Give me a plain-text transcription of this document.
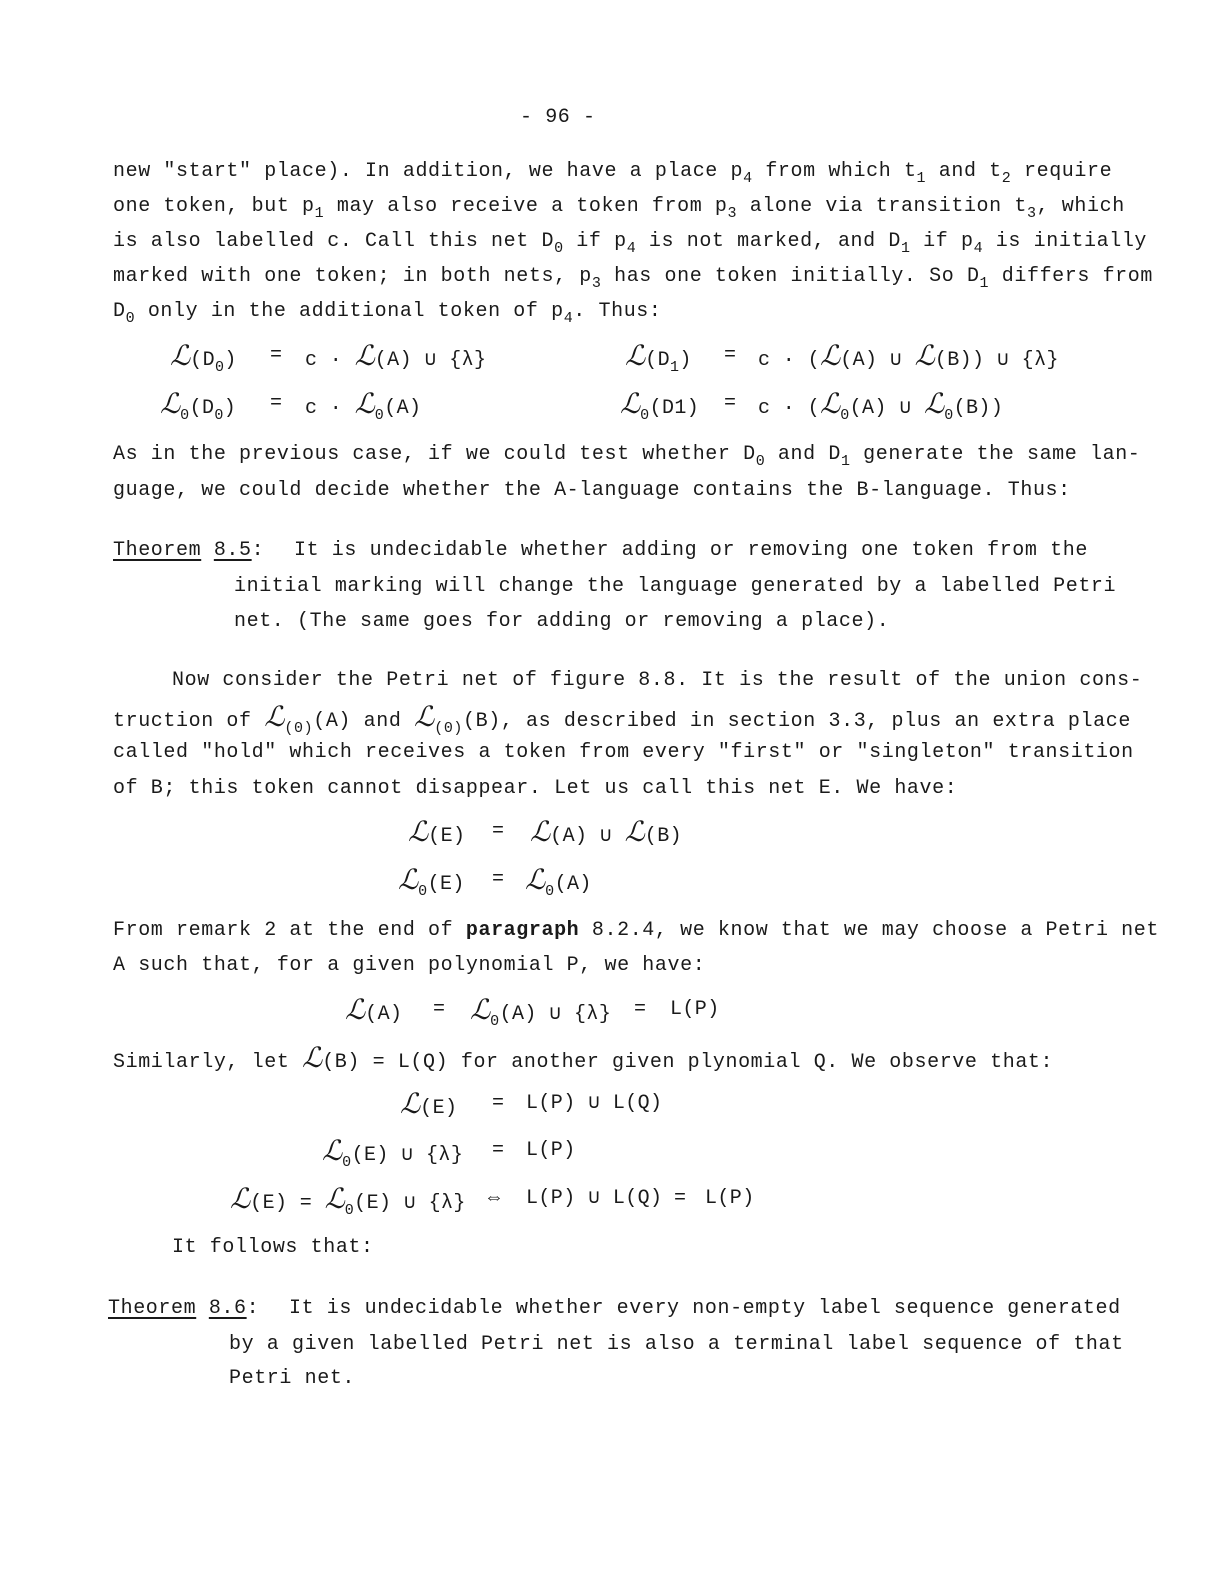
- 96 -
new "start" place). In addition, we have a place $p_4$ from which $t_1$ and $t_2$ require
one token, but $p_1$ may also receive a token from $p_3$ alone via transition $t_3$, which
is also labelled c. Call this net $D_0$ if $p_4$ is not marked, and $D_1$ if $p_4$ is initially
marked with one token; in both nets, $p_3$ has one token initially. So $D_1$ differs from
$D_0$ only in the additional token of $p_4$. Thus:
$ℒ(D_0) = c$ · ℒ(A) ∪ {λ}	$ℒ(D_1) = c$ · (ℒ(A) ∪ ℒ(B)) ∪ {λ}
$ℒ_0(D_0) = c$ · ℒ$_0$(A)	ℒ$_0$(D1) = c · (ℒ$_0$(A) ∪ ℒ$_0$(B))
As in the previous case, if we could test whether $D_0$ and $D_1$ generate the same lan-
guage, we could decide whether the A-language contains the B-language. Thus:
Theorem 8.5: It is undecidable whether adding or removing one token from the
initial marking will change the language generated by a labelled Petri
net. (The same goes for adding or removing a place).
Now consider the Petri net of figure 8.8. It is the result of the union cons-
truction of ℒ$_{(0)}$(A) and ℒ$_{(0)}$(B), as described in section 3.3, plus an extra place
called "hold" which receives a token from every "first" or "singleton" transition
of B; this token cannot disappear. Let us call this net E. We have:
ℒ(E) = ℒ(A) ∪ ℒ(B)
ℒ$_0$(E) = ℒ$_0$(A)
From remark 2 at the end of paragraph 8.2.4, we know that we may choose a Petri net
A such that, for a given polynomial P, we have:
ℒ(A) = ℒ$_0$(A) ∪ {λ} = L(P)
Similarly, let ℒ(B) = L(Q) for another given plynomial Q. We observe that:
ℒ(E) = L(P) ∪ L(Q)
ℒ$_0$(E) ∪ {λ} = L(P)
ℒ(E) = ℒ$_0$(E) ∪ {λ} ⇔ L(P) ∪ L(Q) = L(P)
It follows that:
Theorem 8.6: It is undecidable whether every non-empty label sequence generated
by a given labelled Petri net is also a terminal label sequence of that
Petri net.
